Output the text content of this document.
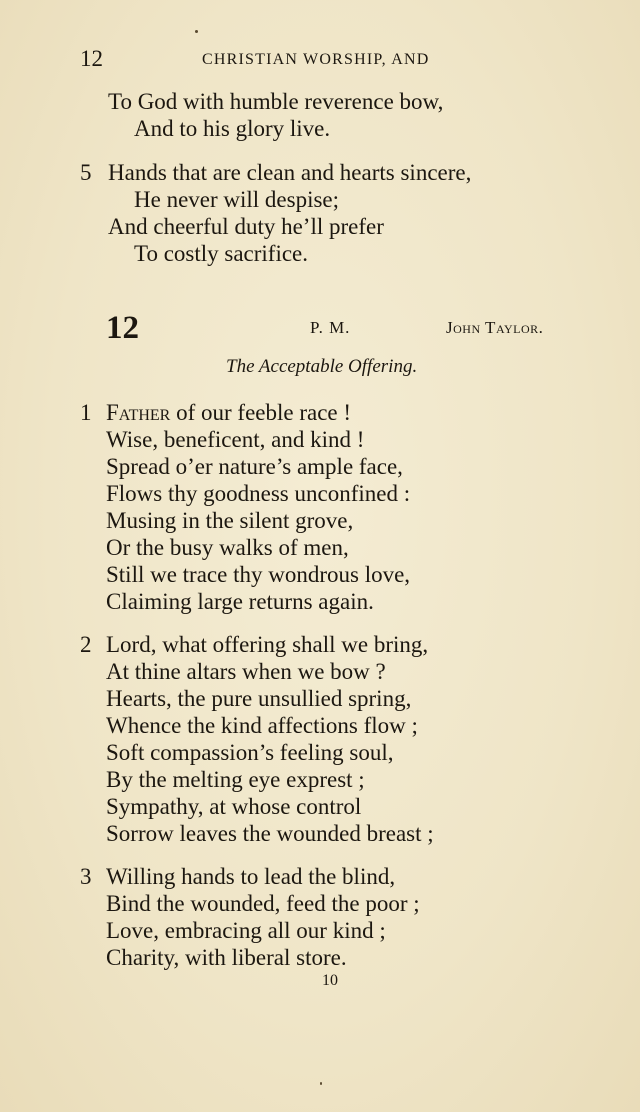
12	CHRISTIAN WORSHIP, AND
To God with humble reverence bow,
And to his glory live.
5 Hands that are clean and hearts sincere,
He never will despise;
And cheerful duty he’ll prefer
To costly sacrifice.
12	P. M.	John Taylor.
The Acceptable Offering.
1 Father of our feeble race !
Wise, beneficent, and kind !
Spread o’er nature’s ample face,
Flows thy goodness unconfined :
Musing in the silent grove,
Or the busy walks of men,
Still we trace thy wondrous love,
Claiming large returns again.
2 Lord, what offering shall we bring,
At thine altars when we bow ?
Hearts, the pure unsullied spring,
Whence the kind affections flow ;
Soft compassion’s feeling soul,
By the melting eye exprest ;
Sympathy, at whose control
Sorrow leaves the wounded breast ;
3 Willing hands to lead the blind,
Bind the wounded, feed the poor ;
Love, embracing all our kind ;
Charity, with liberal store.
10
